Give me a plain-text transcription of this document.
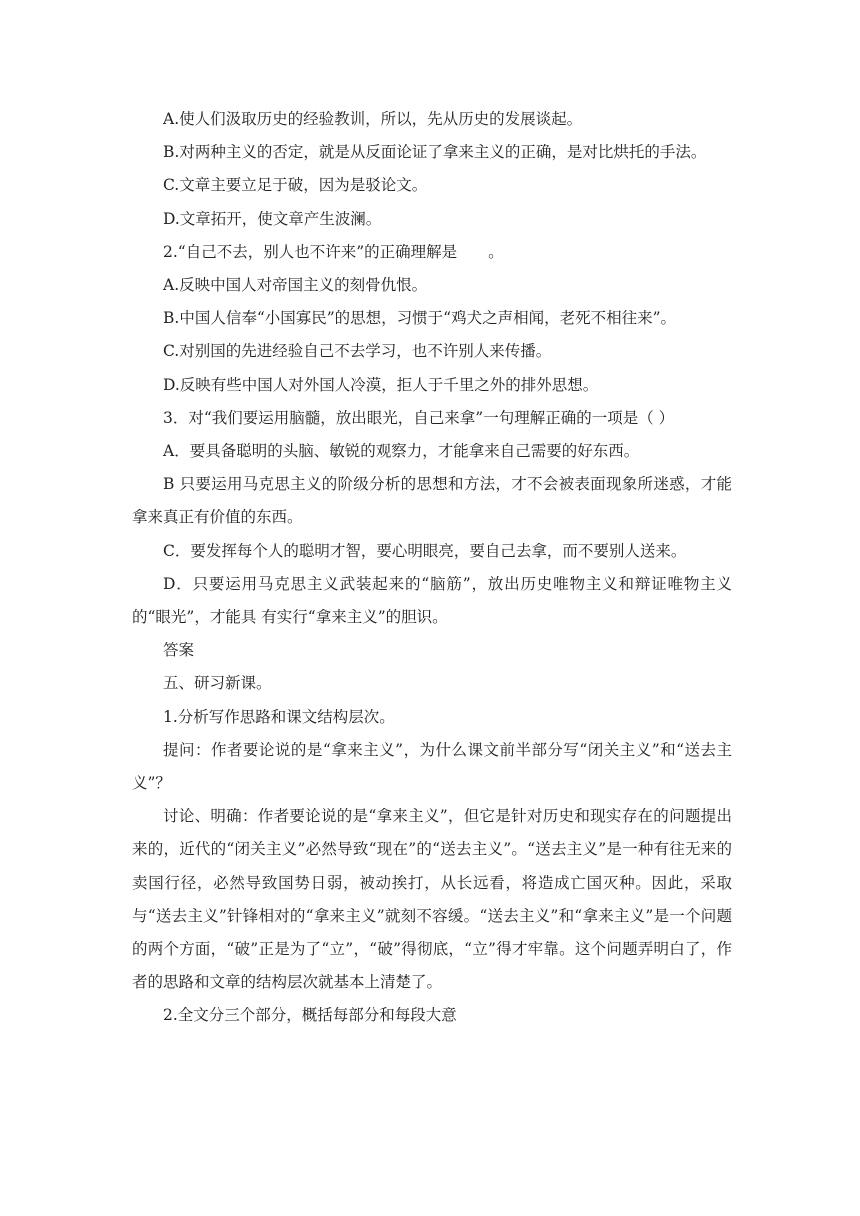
A.使人们汲取历史的经验教训，所以，先从历史的发展谈起。

B.对两种主义的否定，就是从反面论证了拿来主义的正确，是对比烘托的手法。

C.文章主要立足于破，因为是驳论文。

D.文章拓开，使文章产生波澜。

2.“自己不去，别人也不许来”的正确理解是　　。

A.反映中国人对帝国主义的刻骨仇恨。

B.中国人信奉“小国寡民”的思想，习惯于“鸡犬之声相闻，老死不相往来”。

C.对别国的先进经验自己不去学习，也不许别人来传播。

D.反映有些中国人对外国人冷漠，拒人于千里之外的排外思想。

3．对“我们要运用脑髓，放出眼光，自己来拿”一句理解正确的一项是（ ）

A．要具备聪明的头脑、敏锐的观察力，才能拿来自己需要的好东西。

B 只要运用马克思主义的阶级分析的思想和方法，才不会被表面现象所迷惑，才能拿来真正有价值的东西。

C．要发挥每个人的聪明才智，要心明眼亮，要自己去拿，而不要别人送来。

D．只要运用马克思主义武装起来的“脑筋”，放出历史唯物主义和辩证唯物主义的“眼光”，才能具 有实行“拿来主义”的胆识。

答案

五、研习新课。

1.分析写作思路和课文结构层次。

提问：作者要论说的是“拿来主义”，为什么课文前半部分写“闭关主义”和“送去主义”？

讨论、明确：作者要论说的是“拿来主义”，但它是针对历史和现实存在的问题提出来的，近代的“闭关主义”必然导致“现在”的“送去主义”。“送去主义”是一种有往无来的卖国行径，必然导致国势日弱，被动挨打，从长远看，将造成亡国灭种。因此，采取与“送去主义”针锋相对的“拿来主义”就刻不容缓。“送去主义”和“拿来主义”是一个问题的两个方面，“破”正是为了“立”，“破”得彻底，“立”得才牢靠。这个问题弄明白了，作者的思路和文章的结构层次就基本上清楚了。

2.全文分三个部分，概括每部分和每段大意
